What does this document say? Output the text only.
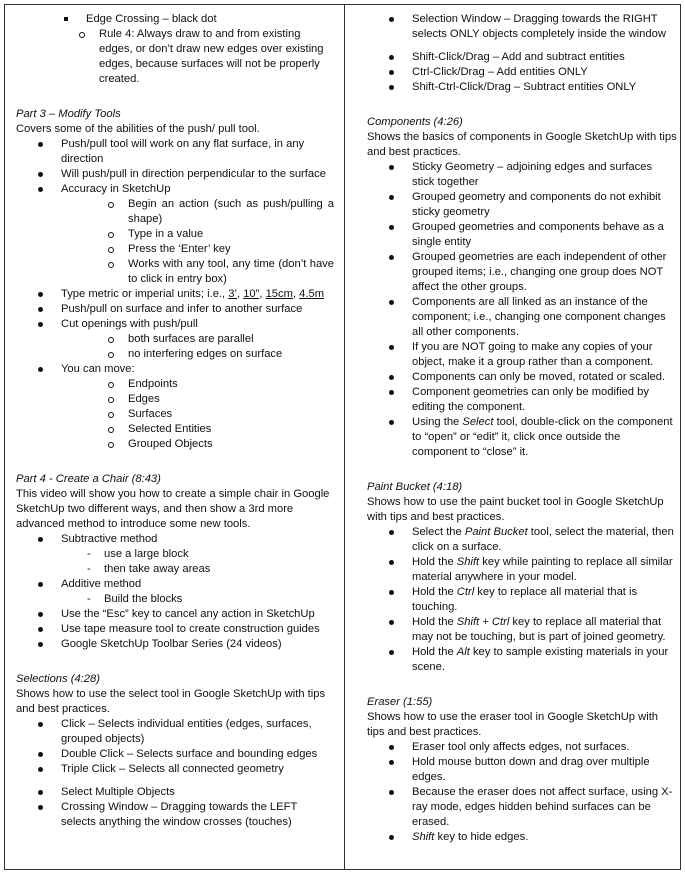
Edge Crossing – black dot
Rule 4: Always draw to and from existing edges, or don’t draw new edges over existing edges, because surfaces will not be properly created.

Part 3 – Modify Tools

Covers some of the abilities of the push/ pull tool.

Push/pull tool will work on any flat surface, in any direction
Will push/pull in direction perpendicular to the surface
Accuracy in SketchUp
Begin an action (such as push/pulling a shape)
Type in a value
Press the ‘Enter’ key
Works with any tool, any time (don’t have to click in entry box)
Type metric or imperial units; i.e., 3’, 10”, 15cm, 4.5m
Push/pull on surface and infer to another surface
Cut openings with push/pull
both surfaces are parallel
no interfering edges on surface
You can move:
Endpoints
Edges
Surfaces
Selected Entities
Grouped Objects

Part 4 - Create a Chair (8:43)

This video will show you how to create a simple chair in Google SketchUp two different ways, and then show a 3rd more advanced method to introduce some new tools.

Subtractive method
- use a large block
- then take away areas
Additive method
- Build the blocks
Use the “Esc” key to cancel any action in SketchUp
Use tape measure tool to create construction guides
Google SketchUp Toolbar Series (24 videos)

Selections (4:28)

Shows how to use the select tool in Google SketchUp with tips and best practices.

Click – Selects individual entities (edges, surfaces, grouped objects)
Double Click – Selects surface and bounding edges
Triple Click – Selects all connected geometry
Select Multiple Objects
Crossing Window – Dragging towards the LEFT selects anything the window crosses (touches)
Selection Window – Dragging towards the RIGHT selects ONLY objects completely inside the window
Shift-Click/Drag – Add and subtract entities
Ctrl-Click/Drag – Add entities ONLY
Shift-Ctrl-Click/Drag – Subtract entities ONLY

Components (4:26)

Shows the basics of components in Google SketchUp with tips and best practices.

Sticky Geometry – adjoining edges and surfaces stick together
Grouped geometry and components do not exhibit sticky geometry
Grouped geometries and components behave as a single entity
Grouped geometries are each independent of other grouped items; i.e., changing one group does NOT affect the other groups.
Components are all linked as an instance of the component; i.e., changing one component changes all other components.
If you are NOT going to make any copies of your object, make it a group rather than a component.
Components can only be moved, rotated or scaled.
Component geometries can only be modified by editing the component.
Using the Select tool, double-click on the component to “open” or “edit” it, click once outside the component to “close” it.

Paint Bucket (4:18)

Shows how to use the paint bucket tool in Google SketchUp with tips and best practices.

Select the Paint Bucket tool, select the material, then click on a surface.
Hold the Shift key while painting to replace all similar material anywhere in your model.
Hold the Ctrl key to replace all material that is touching.
Hold the Shift + Ctrl key to replace all material that may not be touching, but is part of joined geometry.
Hold the Alt key to sample existing materials in your scene.

Eraser (1:55)

Shows how to use the eraser tool in Google SketchUp with tips and best practices.

Eraser tool only affects edges, not surfaces.
Hold mouse button down and drag over multiple edges.
Because the eraser does not affect surface, using X-ray mode, edges hidden behind surfaces can be erased.
Shift key to hide edges.
